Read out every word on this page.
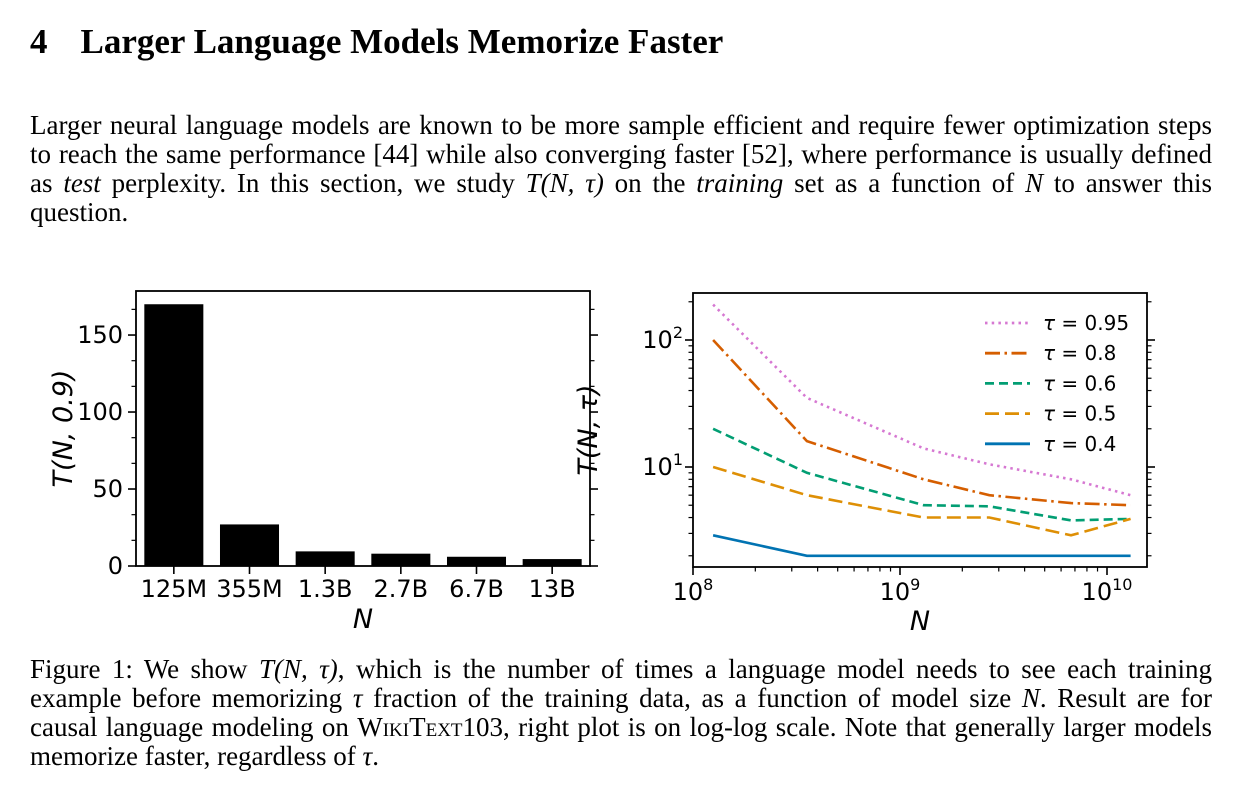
4 Larger Language Models Memorize Faster

Larger neural language models are known to be more sample efficient and require fewer optimization steps to reach the same performance [44] while also converging faster [52], where performance is usually defined as test perplexity. In this section, we study T(N, τ) on the training set as a function of N to answer this question.

0
50
100
150
125M 355M 1.3B 2.7B 6.7B 13B
N
T(N, 0.9)
$10^8$	$10^9$	$10^{10}$
$10^1$
$10^2$
N
T(N, τ)
τ = 0.95
τ = 0.8
τ = 0.6
τ = 0.5
τ = 0.4

Figure 1: We show T(N, τ), which is the number of times a language model needs to see each training example before memorizing τ fraction of the training data, as a function of model size N. Result are for causal language modeling on WikiText103, right plot is on log-log scale. Note that generally larger models memorize faster, regardless of τ.
